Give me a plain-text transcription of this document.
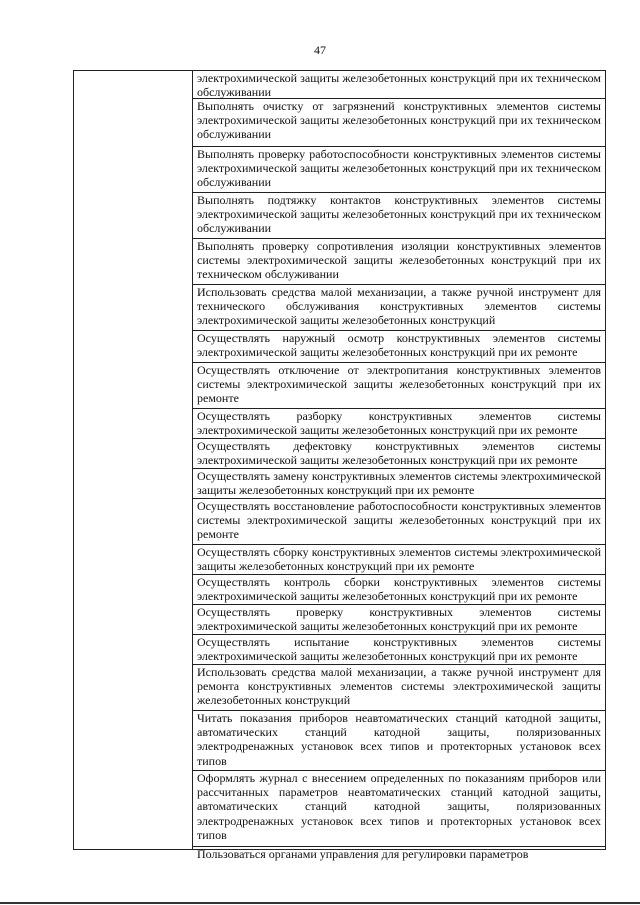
47
электрохимической защиты железобетонных конструкций при их техническом обслуживании
Выполнять очистку от загрязнений конструктивных элементов системы электрохимической защиты железобетонных конструкций при их техническом обслуживании
Выполнять проверку работоспособности конструктивных элементов системы электрохимической защиты железобетонных конструкций при их техническом обслуживании
Выполнять подтяжку контактов конструктивных элементов системы электрохимической защиты железобетонных конструкций при их техническом обслуживании
Выполнять проверку сопротивления изоляции конструктивных элементов системы электрохимической защиты железобетонных конструкций при их техническом обслуживании
Использовать средства малой механизации, а также ручной инструмент для технического обслуживания конструктивных элементов системы электрохимической защиты железобетонных конструкций
Осуществлять наружный осмотр конструктивных элементов системы электрохимической защиты железобетонных конструкций при их ремонте
Осуществлять отключение от электропитания конструктивных элементов системы электрохимической защиты железобетонных конструкций при их ремонте
Осуществлять разборку конструктивных элементов системы электрохимической защиты железобетонных конструкций при их ремонте
Осуществлять дефектовку конструктивных элементов системы электрохимической защиты железобетонных конструкций при их ремонте
Осуществлять замену конструктивных элементов системы электрохимической защиты железобетонных конструкций при их ремонте
Осуществлять восстановление работоспособности конструктивных элементов системы электрохимической защиты железобетонных конструкций при их ремонте
Осуществлять сборку конструктивных элементов системы электрохимической защиты железобетонных конструкций при их ремонте
Осуществлять контроль сборки конструктивных элементов системы электрохимической защиты железобетонных конструкций при их ремонте
Осуществлять проверку конструктивных элементов системы электрохимической защиты железобетонных конструкций при их ремонте
Осуществлять испытание конструктивных элементов системы электрохимической защиты железобетонных конструкций при их ремонте
Использовать средства малой механизации, а также ручной инструмент для ремонта конструктивных элементов системы электрохимической защиты железобетонных конструкций
Читать показания приборов неавтоматических станций катодной защиты, автоматических станций катодной защиты, поляризованных электродренажных установок всех типов и протекторных установок всех типов
Оформлять журнал с внесением определенных по показаниям приборов или рассчитанных параметров неавтоматических станций катодной защиты, автоматических станций катодной защиты, поляризованных электродренажных установок всех типов и протекторных установок всех типов
Пользоваться органами управления для регулировки параметров
